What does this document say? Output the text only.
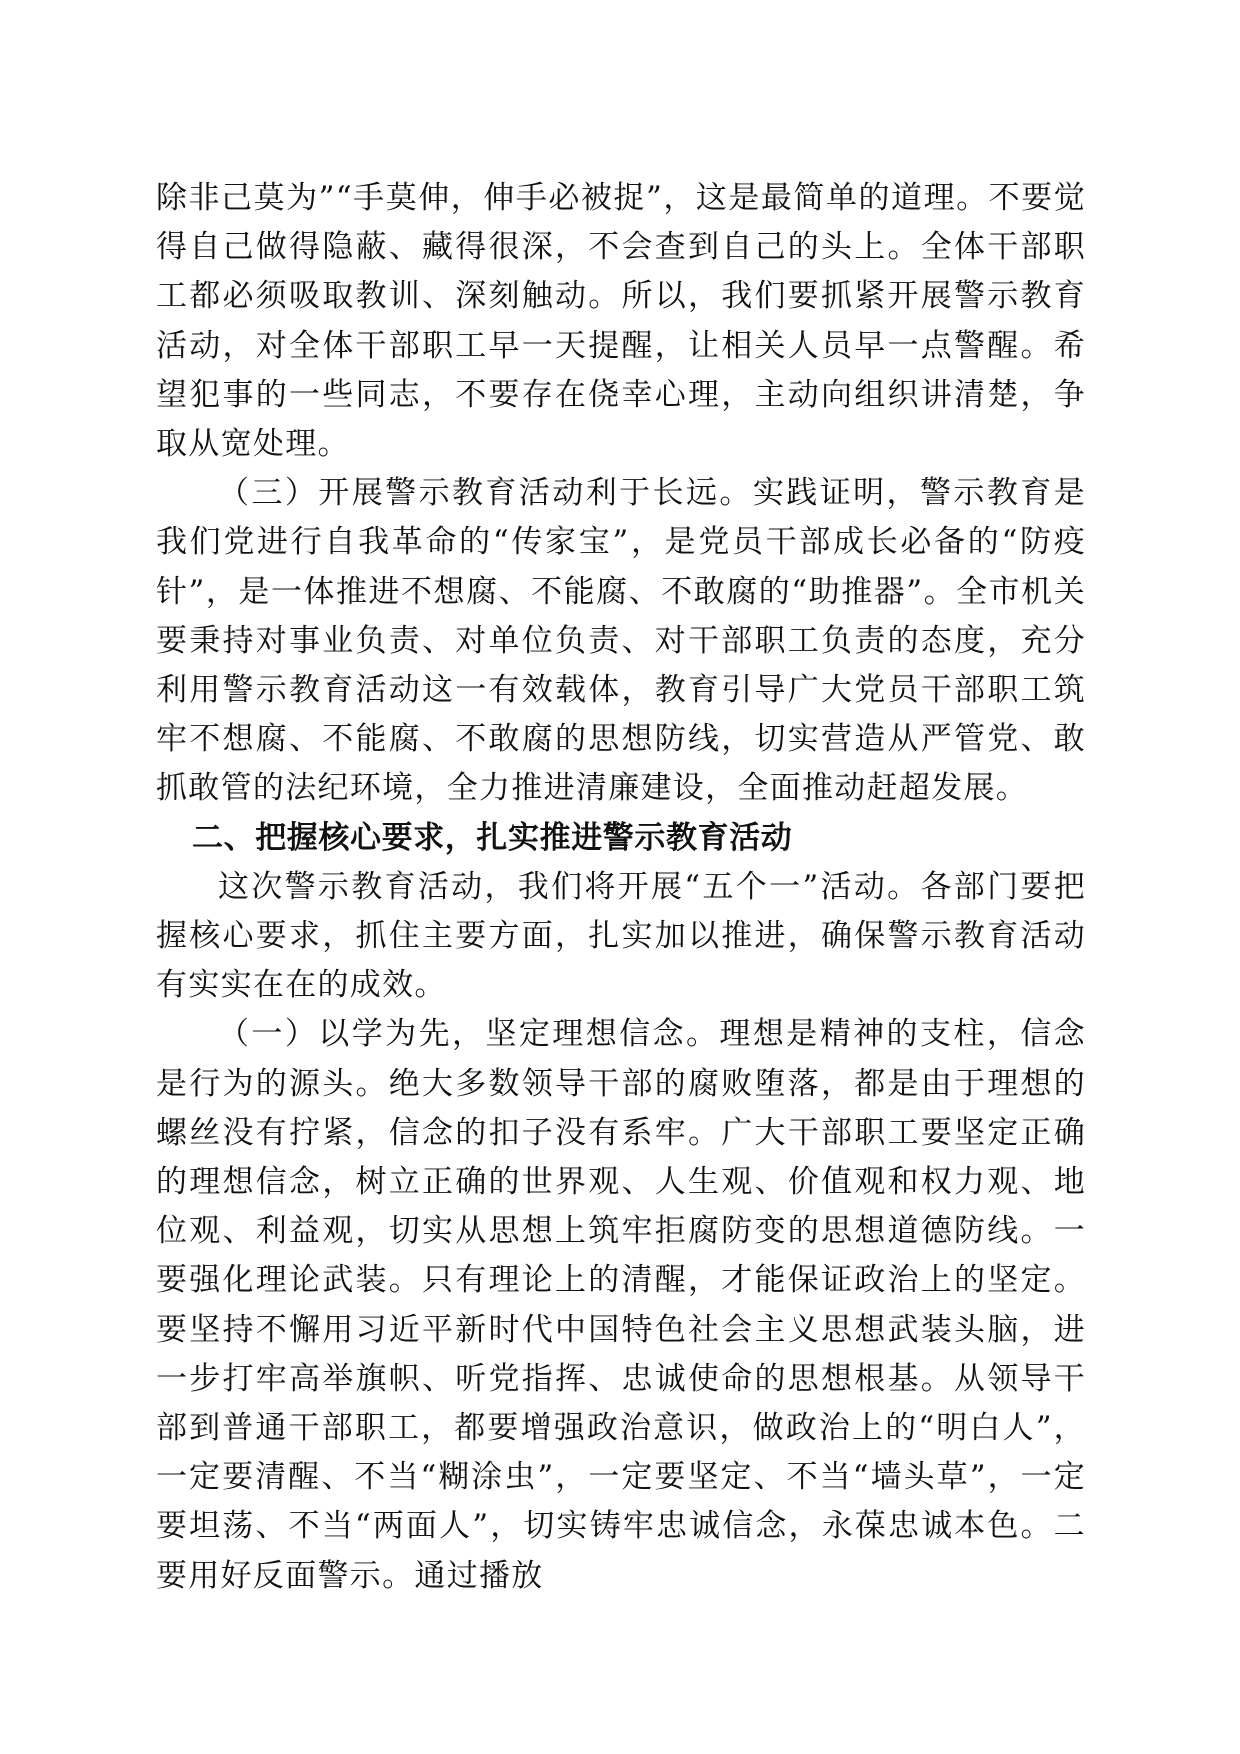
除非己莫为”“手莫伸，伸手必被捉”，这是最简单的道理。不要觉得自己做得隐蔽、藏得很深，不会查到自己的头上。全体干部职工都必须吸取教训、深刻触动。所以，我们要抓紧开展警示教育活动，对全体干部职工早一天提醒，让相关人员早一点警醒。希望犯事的一些同志，不要存在侥幸心理，主动向组织讲清楚，争取从宽处理。

（三）开展警示教育活动利于长远。实践证明，警示教育是我们党进行自我革命的“传家宝”，是党员干部成长必备的“防疫针”，是一体推进不想腐、不能腐、不敢腐的“助推器”。全市机关要秉持对事业负责、对单位负责、对干部职工负责的态度，充分利用警示教育活动这一有效载体，教育引导广大党员干部职工筑牢不想腐、不能腐、不敢腐的思想防线，切实营造从严管党、敢抓敢管的法纪环境，全力推进清廉建设，全面推动赶超发展。

二、把握核心要求，扎实推进警示教育活动

这次警示教育活动，我们将开展“五个一”活动。各部门要把握核心要求，抓住主要方面，扎实加以推进，确保警示教育活动有实实在在的成效。

（一）以学为先，坚定理想信念。理想是精神的支柱，信念是行为的源头。绝大多数领导干部的腐败堕落，都是由于理想的螺丝没有拧紧，信念的扣子没有系牢。广大干部职工要坚定正确的理想信念，树立正确的世界观、人生观、价值观和权力观、地位观、利益观，切实从思想上筑牢拒腐防变的思想道德防线。一要强化理论武装。只有理论上的清醒，才能保证政治上的坚定。要坚持不懈用习近平新时代中国特色社会主义思想武装头脑，进一步打牢高举旗帜、听党指挥、忠诚使命的思想根基。从领导干部到普通干部职工，都要增强政治意识，做政治上的“明白人”，一定要清醒、不当“糊涂虫”，一定要坚定、不当“墙头草”，一定要坦荡、不当“两面人”，切实铸牢忠诚信念，永葆忠诚本色。二要用好反面警示。通过播放
